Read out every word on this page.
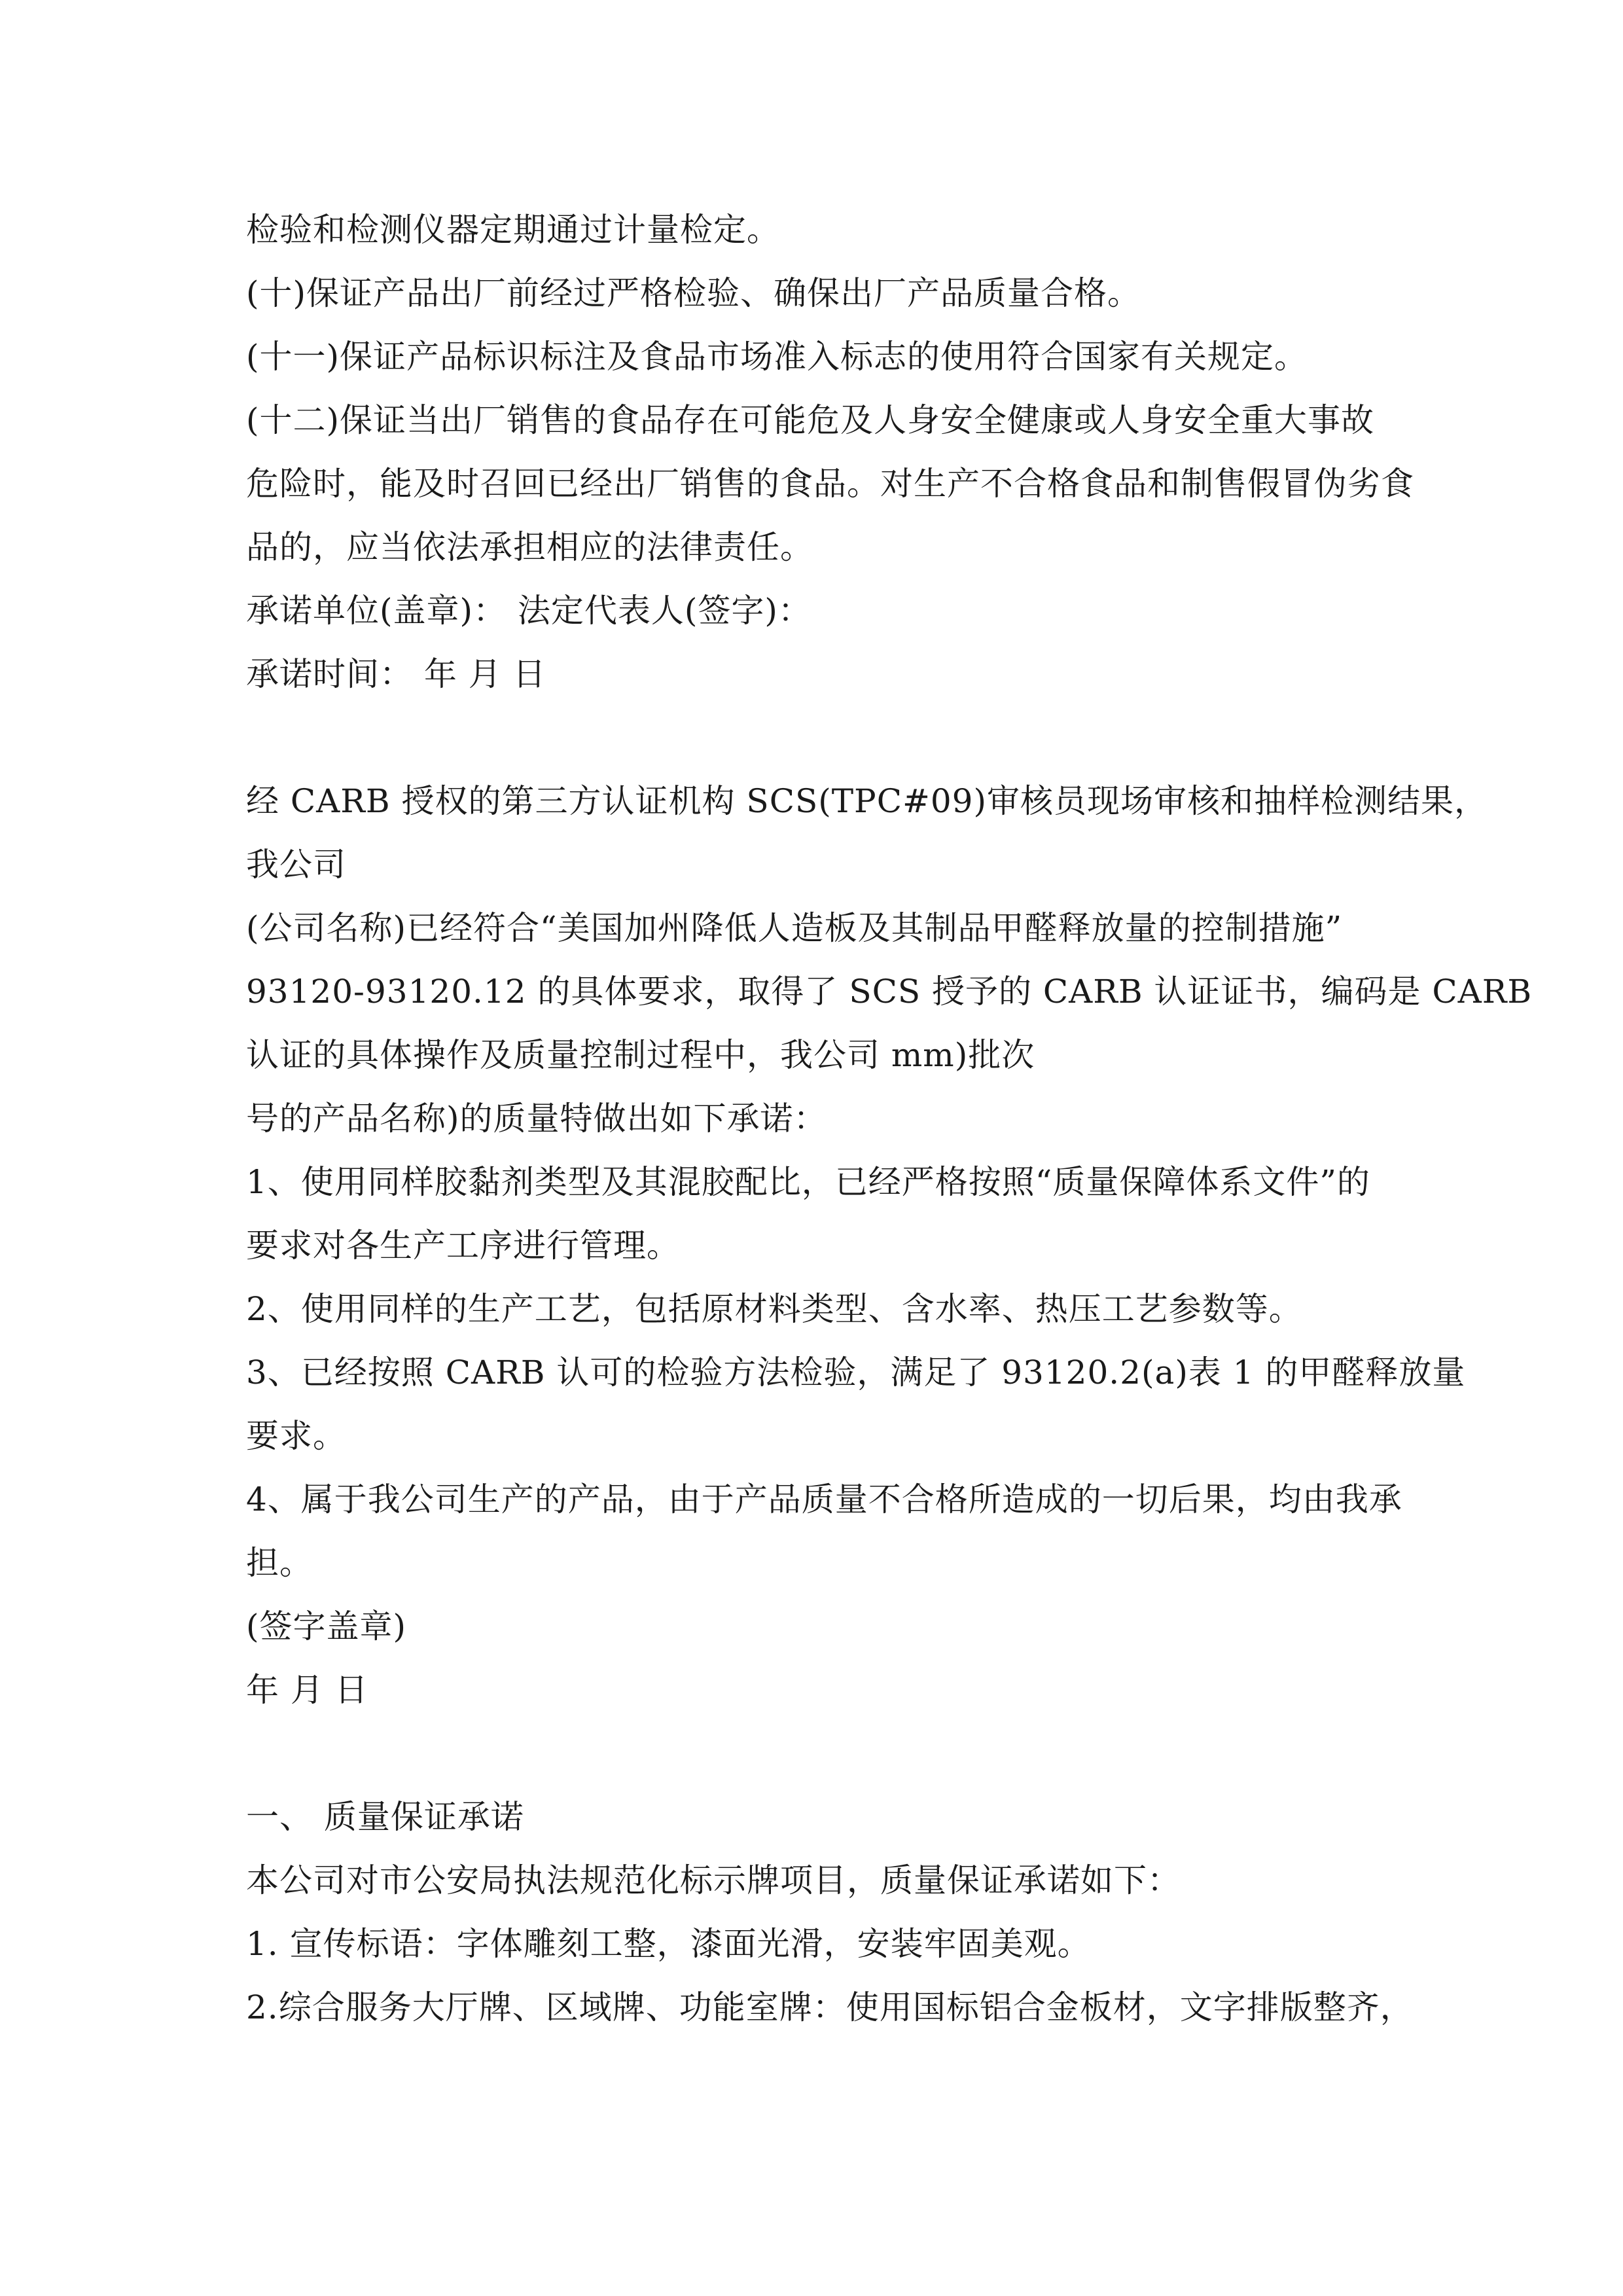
检验和检测仪器定期通过计量检定。
(十)保证产品出厂前经过严格检验、确保出厂产品质量合格。
(十一)保证产品标识标注及食品市场准入标志的使用符合国家有关规定。
(十二)保证当出厂销售的食品存在可能危及人身安全健康或人身安全重大事故
危险时，能及时召回已经出厂销售的食品。对生产不合格食品和制售假冒伪劣食
品的，应当依法承担相应的法律责任。
承诺单位(盖章)： 法定代表人(签字)：
承诺时间： 年 月 日
经 CARB 授权的第三方认证机构 SCS(TPC#09)审核员现场审核和抽样检测结果，
我公司
(公司名称)已经符合“美国加州降低人造板及其制品甲醛释放量的控制措施”
93120-93120.12 的具体要求，取得了 SCS 授予的 CARB 认证证书，编码是 CARB
认证的具体操作及质量控制过程中，我公司 mm)批次
号的产品名称)的质量特做出如下承诺：
1、使用同样胶黏剂类型及其混胶配比，已经严格按照“质量保障体系文件”的
要求对各生产工序进行管理。
2、使用同样的生产工艺，包括原材料类型、含水率、热压工艺参数等。
3、已经按照 CARB 认可的检验方法检验，满足了 93120.2(a)表 1 的甲醛释放量
要求。
4、属于我公司生产的产品，由于产品质量不合格所造成的一切后果，均由我承
担。
(签字盖章)
年 月 日
一、 质量保证承诺
本公司对市公安局执法规范化标示牌项目，质量保证承诺如下：
1. 宣传标语：字体雕刻工整，漆面光滑，安装牢固美观。
2.综合服务大厅牌、区域牌、功能室牌：使用国标铝合金板材，文字排版整齐，
